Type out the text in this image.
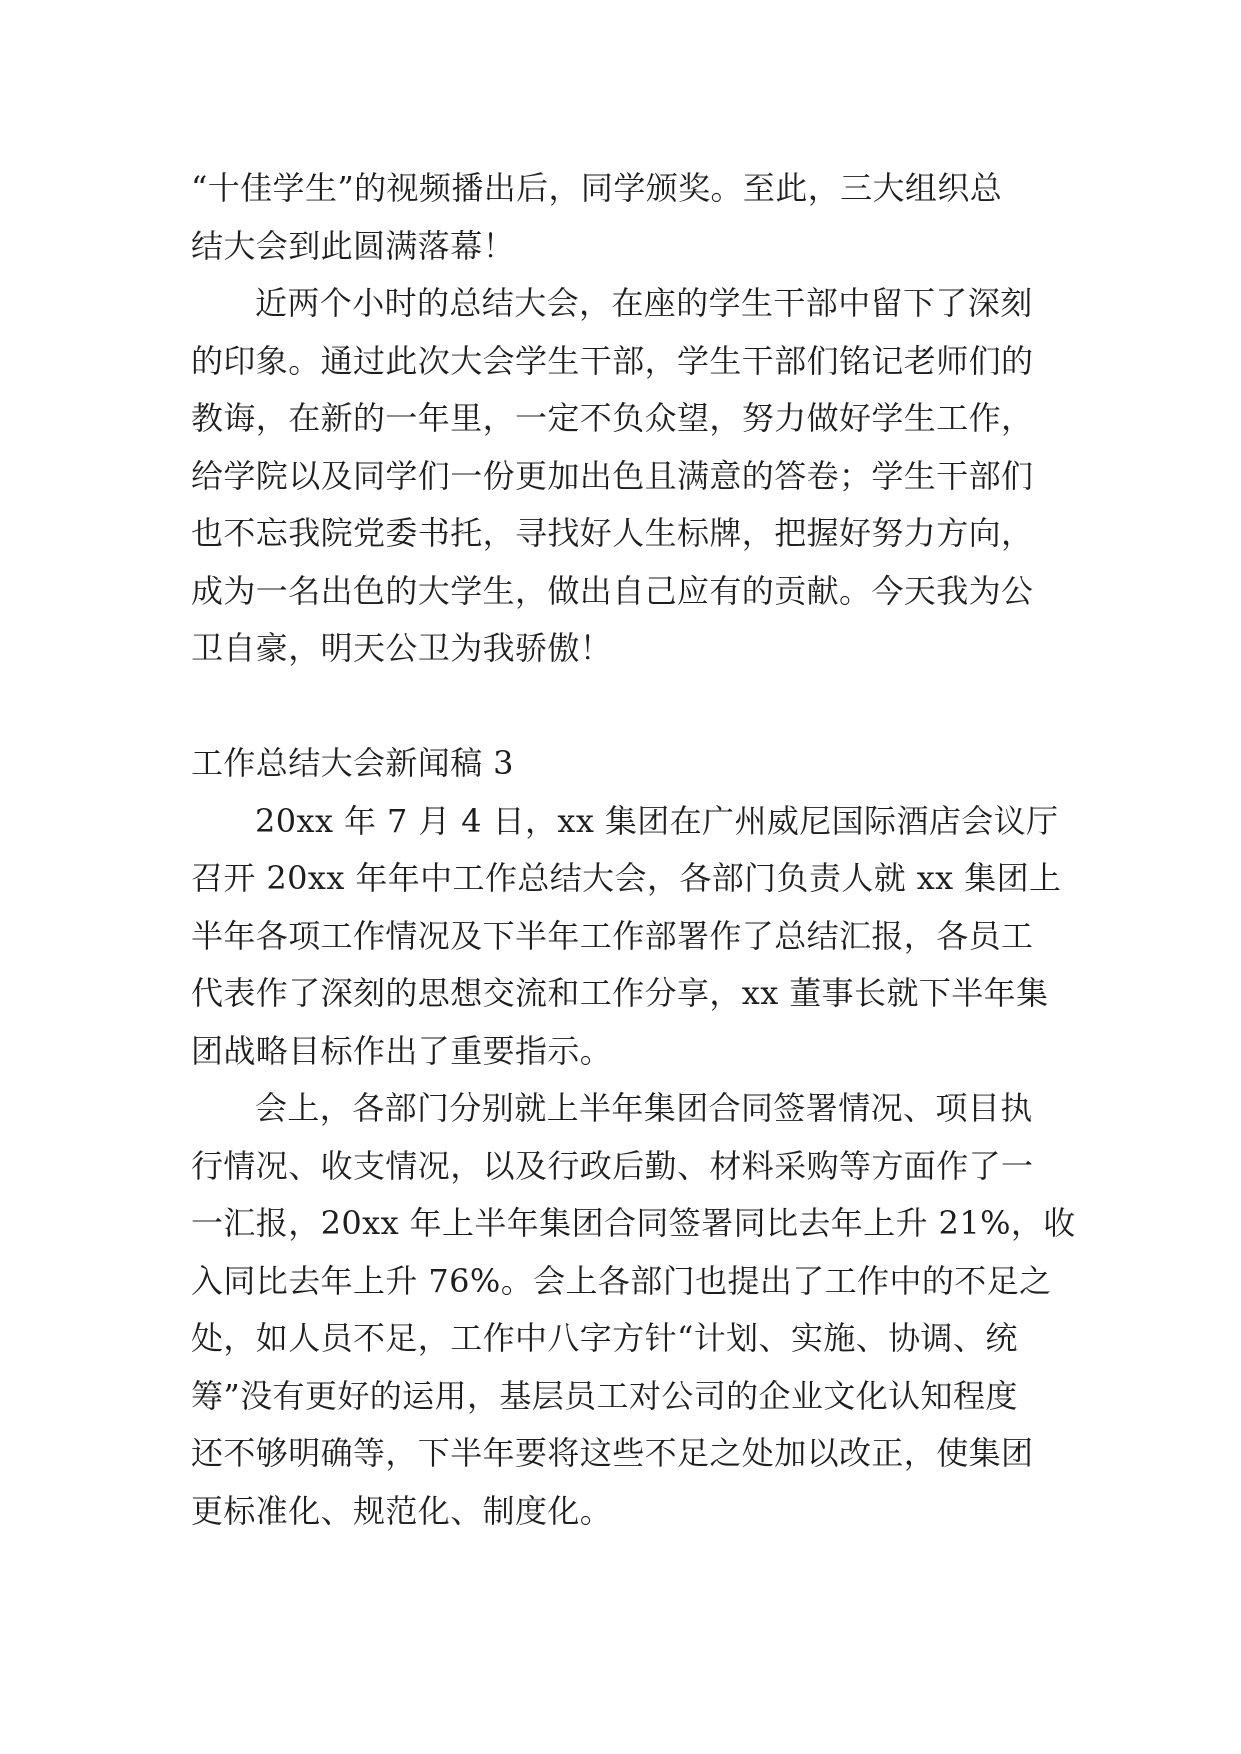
“十佳学生”的视频播出后，同学颁奖。至此，三大组织总
结大会到此圆满落幕！
近两个小时的总结大会，在座的学生干部中留下了深刻
的印象。通过此次大会学生干部，学生干部们铭记老师们的
教诲，在新的一年里，一定不负众望，努力做好学生工作，
给学院以及同学们一份更加出色且满意的答卷；学生干部们
也不忘我院党委书托，寻找好人生标牌，把握好努力方向，
成为一名出色的大学生，做出自己应有的贡献。今天我为公
卫自豪，明天公卫为我骄傲！
工作总结大会新闻稿 3
20xx 年 7 月 4 日，xx 集团在广州威尼国际酒店会议厅
召开 20xx 年年中工作总结大会，各部门负责人就 xx 集团上
半年各项工作情况及下半年工作部署作了总结汇报，各员工
代表作了深刻的思想交流和工作分享，xx 董事长就下半年集
团战略目标作出了重要指示。
会上，各部门分别就上半年集团合同签署情况、项目执
行情况、收支情况，以及行政后勤、材料采购等方面作了一
一汇报，20xx 年上半年集团合同签署同比去年上升 21%，收
入同比去年上升 76%。会上各部门也提出了工作中的不足之
处，如人员不足，工作中八字方针“计划、实施、协调、统
筹”没有更好的运用，基层员工对公司的企业文化认知程度
还不够明确等，下半年要将这些不足之处加以改正，使集团
更标准化、规范化、制度化。
